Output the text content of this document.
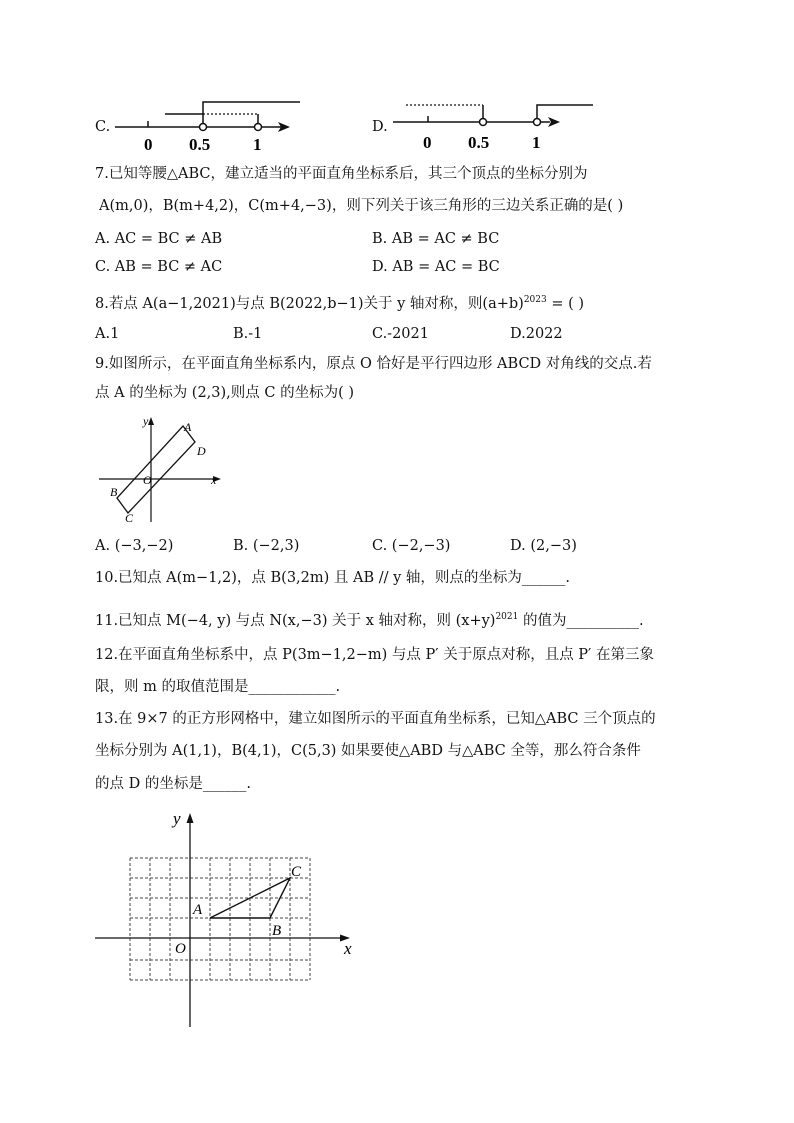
C.
0 0.5	1
D.
0 0.5	1
7.已知等腰△ABC，建立适当的平面直角坐标系后，其三个顶点的坐标分别为
A(m,0)，B(m+4,2)，C(m+4,−3)，则下列关于该三角形的三边关系正确的是( )
A. AC = BC ≠ AB	B. AB = AC ≠ BC
C. AB = BC ≠ AC	D. AB = AC = BC
8.若点 A(a−1,2021)与点 B(2022,b−1)关于 y 轴对称，则$(a+b)^{2023}$ = ( )
A.1	B.-1	C.-2021	D.2022
9.如图所示，在平面直角坐标系内，原点 O 恰好是平行四边形 ABCD 对角线的交点.若
点 A 的坐标为 (2,3),则点 C 的坐标为( )
x
y
O
A
D
B
C
A. (−3,−2)	B. (−2,3)	C. (−2,−3)	D. (2,−3)
10.已知点 A(m−1,2)，点 B(3,2m) 且 AB // y 轴，则点的坐标为______.
11.已知点 M(−4, y) 与点 N(x,−3) 关于 x 轴对称，则 $(x+y)^{2021}$ 的值为__________.
12.在平面直角坐标系中，点 P(3m−1,2−m) 与点 P′ 关于原点对称，且点 P′ 在第三象
限，则 m 的取值范围是____________.
13.在 9×7 的正方形网格中，建立如图所示的平面直角坐标系，已知△ABC 三个顶点的
坐标分别为 A(1,1)，B(4,1)，C(5,3) 如果要使△ABD 与△ABC 全等，那么符合条件
的点 D 的坐标是______.
x
y
O
A
B
C
